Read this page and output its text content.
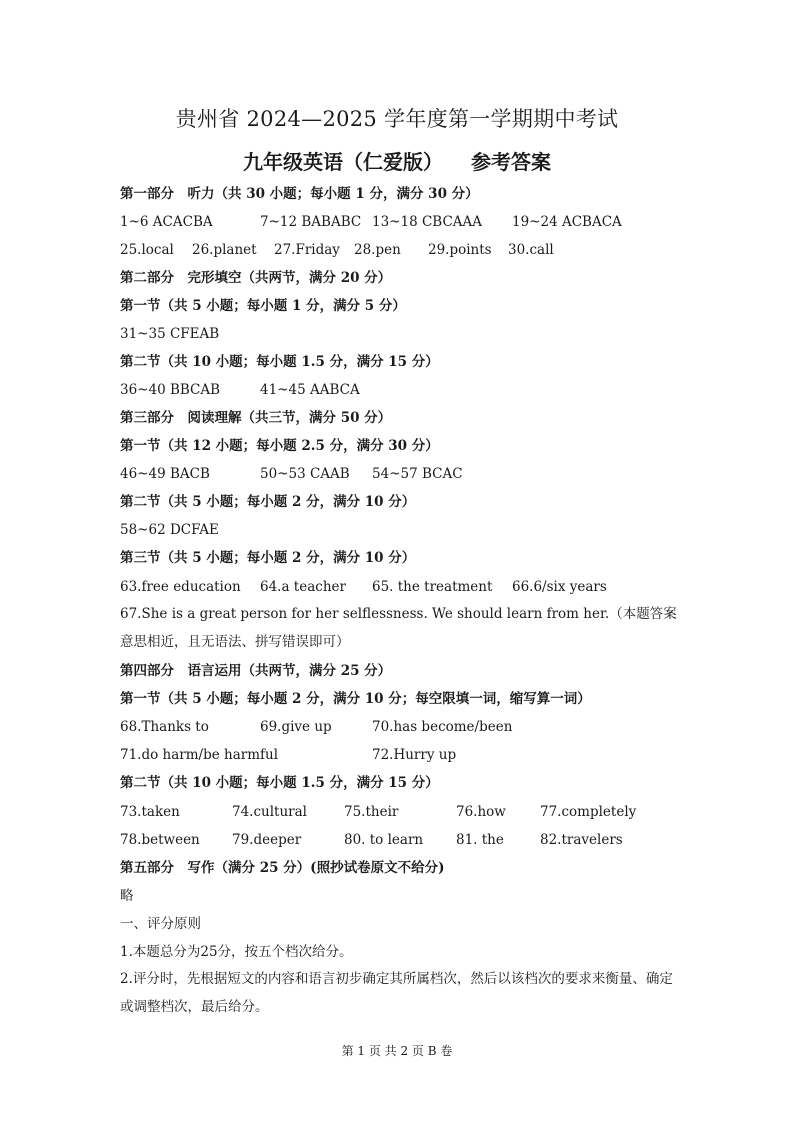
贵州省 2024—2025 学年度第一学期期中考试
九年级英语（仁爱版） 参考答案
第一部分　听力（共 30 小题；每小题 1 分，满分 30 分）
1~6 ACACBA	7~12 BABABC 13~18 CBCAAA 19~24 ACBACA
25.local 26.planet 27.Friday 28.pen 29.points 30.call
第二部分　完形填空（共两节，满分 20 分）
第一节（共 5 小题；每小题 1 分，满分 5 分）
31~35 CFEAB
第二节（共 10 小题；每小题 1.5 分，满分 15 分）
36~40 BBCAB	41~45 AABCA
第三部分　阅读理解（共三节，满分 50 分）
第一节（共 12 小题；每小题 2.5 分，满分 30 分）
46~49 BACB	50~53 CAAB 54~57 BCAC
第二节（共 5 小题；每小题 2 分，满分 10 分）
58~62 DCFAE
第三节（共 5 小题；每小题 2 分，满分 10 分）
63.free education 64.a teacher 65. the treatment 66.6/six years
67.She is a great person for her selflessness. We should learn from her.（本题答案意思相近，且无语法、拼写错误即可）
第四部分　语言运用（共两节，满分 25 分）
第一节（共 5 小题；每小题 2 分，满分 10 分；每空限填一词，缩写算一词）
68.Thanks to	69.give up	70.has become/been
71.do harm/be harmful	72.Hurry up
第二节（共 10 小题；每小题 1.5 分，满分 15 分）
73.taken	74.cultural	75.their	76.how	77.completely
78.between 79.deeper	80. to learn 81. the	82.travelers
第五部分　写作（满分 25 分）(照抄试卷原文不给分)
略
一、评分原则
1.本题总分为25分，按五个档次给分。
2.评分时，先根据短文的内容和语言初步确定其所属档次，然后以该档次的要求来衡量、确定或调整档次，最后给分。
第 1 页 共 2 页 B 卷
